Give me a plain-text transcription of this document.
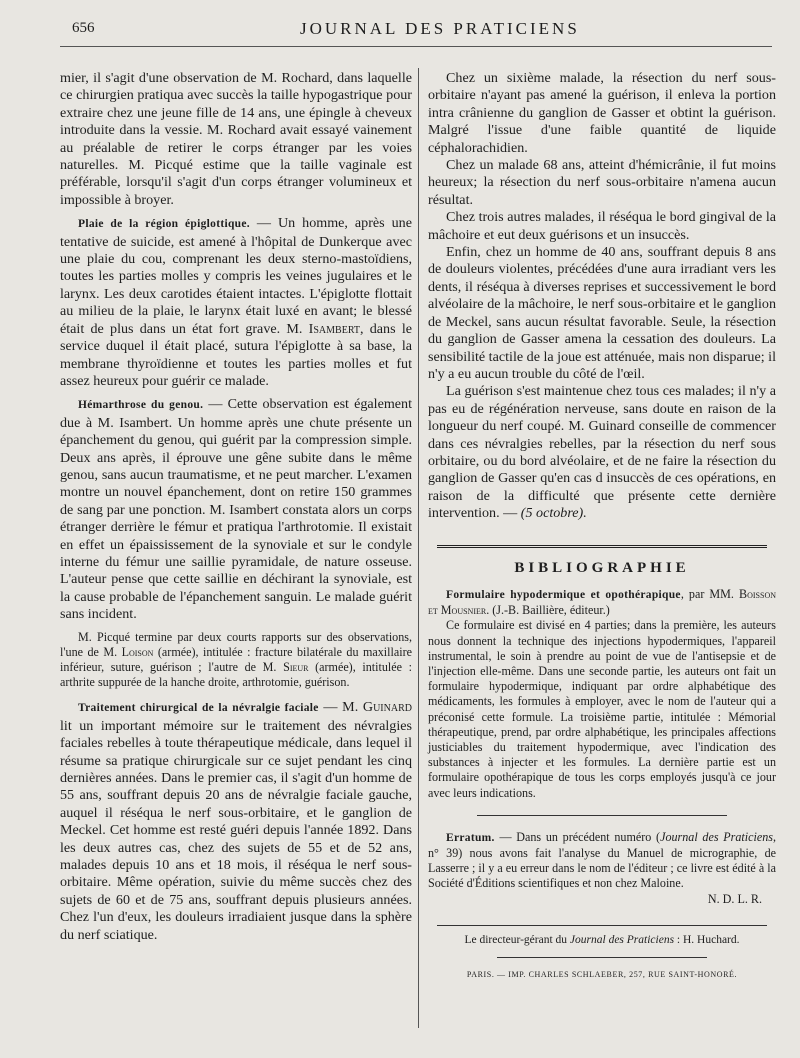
656	JOURNAL DES PRATICIENS

mier, il s'agit d'une observation de M. Rochard, dans laquelle ce chirurgien pratiqua avec succès la taille hypogastrique pour extraire chez une jeune fille de 14 ans, une épingle à cheveux introduite dans la vessie. M. Rochard avait essayé vainement au préalable de retirer le corps étranger par les voies naturelles. M. Picqué estime que la taille vaginale est préférable, lorsqu'il s'agit d'un corps étranger volumineux et impossible à broyer.

Plaie de la région épiglottique. — Un homme, après une tentative de suicide, est amené à l'hôpital de Dunkerque avec une plaie du cou, comprenant les deux sterno-mastoïdiens, toutes les parties molles y compris les veines jugulaires et le larynx. Les deux carotides étaient intactes. L'épiglotte flottait au milieu de la plaie, le larynx était luxé en avant; le blessé était de plus dans un état fort grave. M. Isambert, dans le service duquel il était placé, sutura l'épiglotte à sa base, la membrane thyroïdienne et toutes les parties molles et fut assez heureux pour guérir ce malade.

Hémarthrose du genou. — Cette observation est également due à M. Isambert. Un homme après une chute présente un épanchement du genou, qui guérit par la compression simple. Deux ans après, il éprouve une gêne subite dans le même genou, sans aucun traumatisme, et ne peut marcher. L'examen montre un nouvel épanchement, dont on retire 150 grammes de sang par une ponction. M. Isambert constata alors un corps étranger derrière le fémur et pratiqua l'arthrotomie. Il existait en effet un épaississement de la synoviale et sur le condyle interne du fémur une saillie pyramidale, de nature osseuse. L'auteur pense que cette saillie en déchirant la synoviale, est la cause probable de l'épanchement sanguin. Le malade guérit sans incident.

M. Picqué termine par deux courts rapports sur des observations, l'une de M. Loison (armée), intitulée : fracture bilatérale du maxillaire inférieur, suture, guérison ; l'autre de M. Sieur (armée), intitulée : arthrite suppurée de la hanche droite, arthrotomie, guérison.

Traitement chirurgical de la névralgie faciale — M. Guinard lit un important mémoire sur le traitement des névralgies faciales rebelles à toute thérapeutique médicale, dans lequel il résume sa pratique chirurgicale sur ce sujet pendant les cinq dernières années. Dans le premier cas, il s'agit d'un homme de 55 ans, souffrant depuis 20 ans de névralgie faciale gauche, auquel il réséqua le nerf sous-orbitaire, et le ganglion de Meckel. Cet homme est resté guéri depuis l'année 1892. Dans les deux autres cas, chez des sujets de 55 et de 52 ans, malades depuis 10 ans et 18 mois, il réséqua le nerf sous-orbitaire. Même opération, suivie du même succès chez des sujets de 60 et de 75 ans, souffrant depuis plusieurs années. Chez l'un d'eux, les douleurs irradiaient jusque dans la sphère du nerf sciatique.

Chez un sixième malade, la résection du nerf sous-orbitaire n'ayant pas amené la guérison, il enleva la portion intra crânienne du ganglion de Gasser et obtint la guérison. Malgré l'issue d'une faible quantité de liquide céphalorachidien.

Chez un malade 68 ans, atteint d'hémicrânie, il fut moins heureux; la résection du nerf sous-orbitaire n'amena aucun résultat.

Chez trois autres malades, il réséqua le bord gingival de la mâchoire et eut deux guérisons et un insuccès.

Enfin, chez un homme de 40 ans, souffrant depuis 8 ans de douleurs violentes, précédées d'une aura irradiant vers les dents, il réséqua à diverses reprises et successivement le bord alvéolaire de la mâchoire, le nerf sous-orbitaire et le ganglion de Meckel, sans aucun résultat favorable. Seule, la résection du ganglion de Gasser amena la cessation des douleurs. La sensibilité tactile de la joue est atténuée, mais non disparue; il n'y a eu aucun trouble du côté de l'œil.

La guérison s'est maintenue chez tous ces malades; il n'y a pas eu de régénération nerveuse, sans doute en raison de la longueur du nerf coupé. M. Guinard conseille de commencer dans ces névralgies rebelles, par la résection du nerf sous orbitaire, ou du bord alvéolaire, et de ne faire la résection du ganglion de Gasser qu'en cas d insuccès de ces opérations, en raison de la difficulté que présente cette dernière intervention. — (5 octobre).

BIBLIOGRAPHIE

Formulaire hypodermique et opothérapique, par MM. Boisson et Mousnier. (J.-B. Baillière, éditeur.)

Ce formulaire est divisé en 4 parties; dans la première, les auteurs nous donnent la technique des injections hypodermiques, l'appareil instrumental, le soin à prendre au point de vue de l'antisepsie et de l'injection elle-même. Dans une seconde partie, les auteurs ont fait un formulaire hypodermique, indiquant par ordre alphabétique des médicaments, les formules à employer, avec le nom de l'auteur qui a préconisé cette formule. La troisième partie, intitulée : Mémorial thérapeutique, prend, par ordre alphabétique, les principales affections justiciables du traitement hypodermique, avec l'indication des substances à injecter et les formules. La dernière partie est un formulaire opothérapique de tous les corps employés jusqu'à ce jour avec leurs indications.

Erratum. — Dans un précédent numéro (Journal des Praticiens, n° 39) nous avons fait l'analyse du Manuel de micrographie, de Lasserre ; il y a eu erreur dans le nom de l'éditeur ; ce livre est édité à la Société d'Éditions scientifiques et non chez Maloine.

N. D. L. R.
Le directeur-gérant du Journal des Praticiens : H. Huchard.
PARIS. — IMP. CHARLES SCHLAEBER, 257, RUE SAINT-HONORÉ.
